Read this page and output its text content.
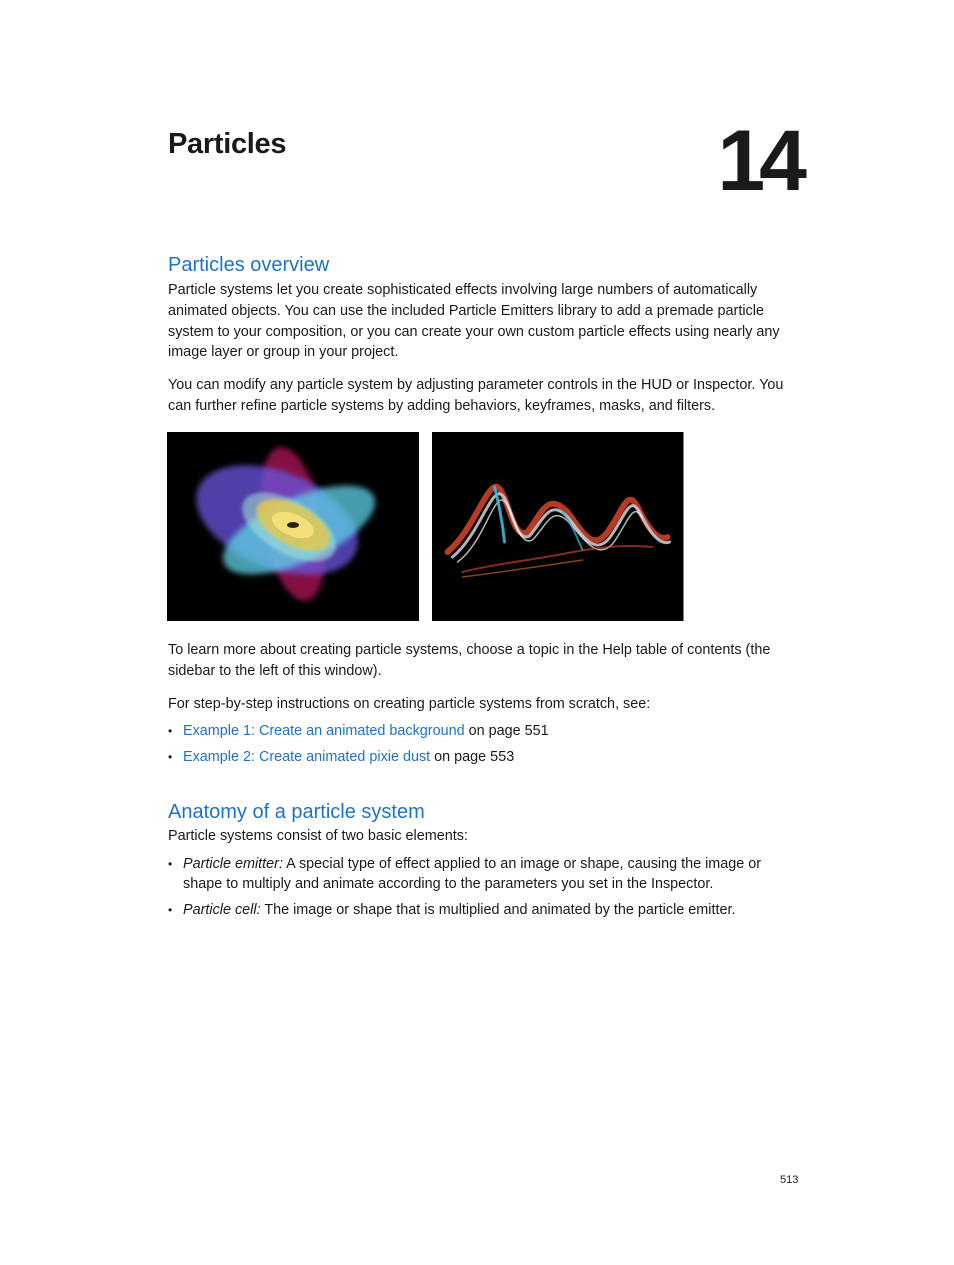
Particles	14
Particles overview

Particle systems let you create sophisticated effects involving large numbers of automatically animated objects. You can use the included Particle Emitters library to add a premade particle system to your composition, or you can create your own custom particle effects using nearly any image layer or group in your project.

You can modify any particle system by adjusting parameter controls in the HUD or Inspector. You can further refine particle systems by adding behaviors, keyframes, masks, and filters.

To learn more about creating particle systems, choose a topic in the Help table of contents (the sidebar to the left of this window).

For step-by-step instructions on creating particle systems from scratch, see:

• Example 1: Create an animated background on page 551
• Example 2: Create animated pixie dust on page 553
Anatomy of a particle system

Particle systems consist of two basic elements:

• Particle emitter: A special type of effect applied to an image or shape, causing the image or shape to multiply and animate according to the parameters you set in the Inspector.
• Particle cell: The image or shape that is multiplied and animated by the particle emitter.
513
